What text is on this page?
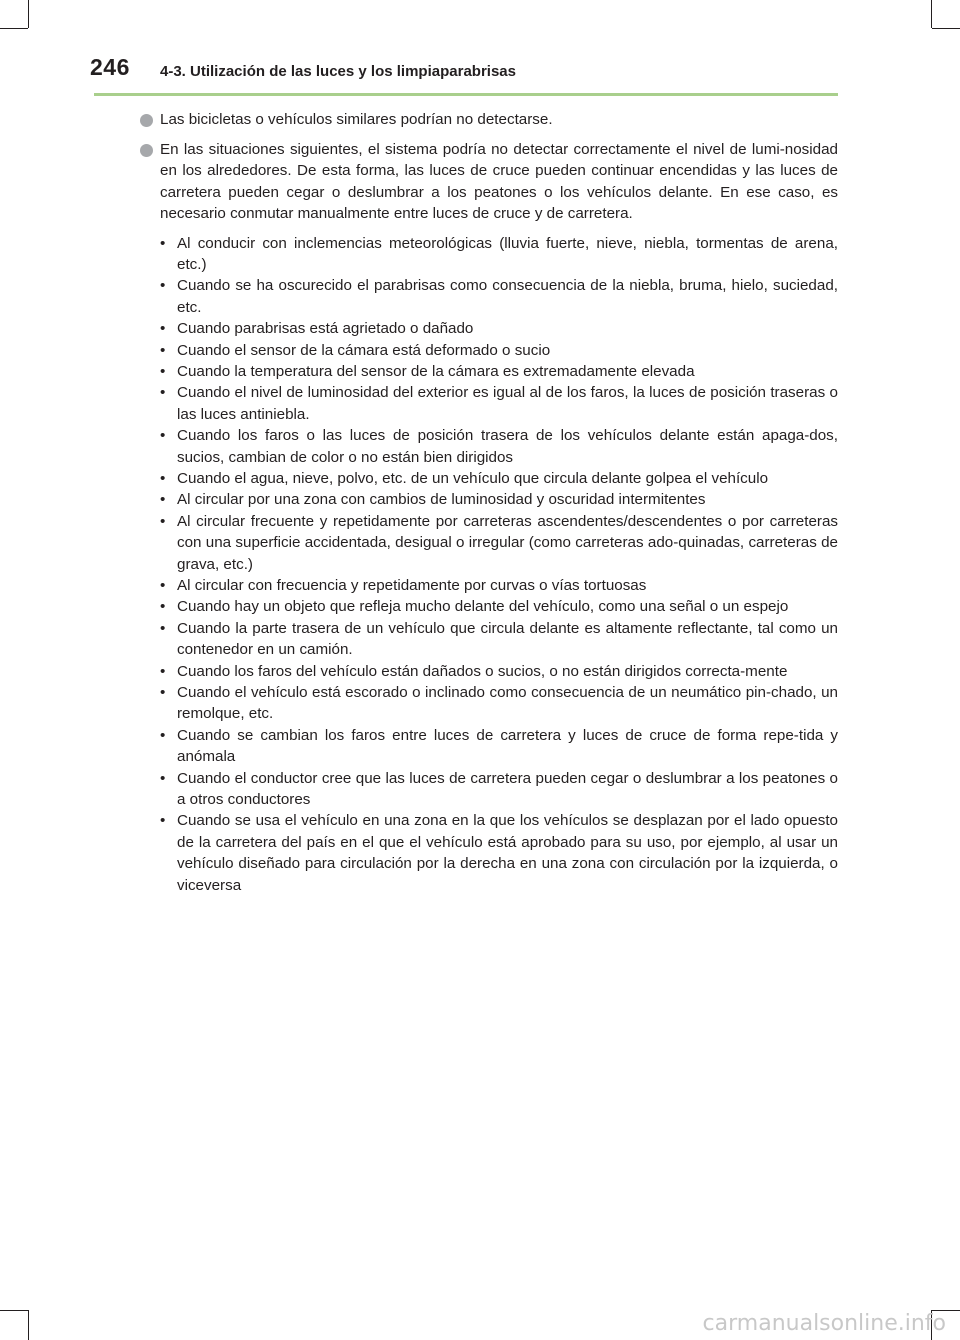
246 4-3. Utilización de las luces y los limpiaparabrisas
Las bicicletas o vehículos similares podrían no detectarse.
En las situaciones siguientes, el sistema podría no detectar correctamente el nivel de lumi-nosidad en los alrededores. De esta forma, las luces de cruce pueden continuar encendidas y las luces de carretera pueden cegar o deslumbrar a los peatones o los vehículos delante. En ese caso, es necesario conmutar manualmente entre luces de cruce y de carretera.
• Al conducir con inclemencias meteorológicas (lluvia fuerte, nieve, niebla, tormentas de arena, etc.)
• Cuando se ha oscurecido el parabrisas como consecuencia de la niebla, bruma, hielo, suciedad, etc.
• Cuando parabrisas está agrietado o dañado
• Cuando el sensor de la cámara está deformado o sucio
• Cuando la temperatura del sensor de la cámara es extremadamente elevada
• Cuando el nivel de luminosidad del exterior es igual al de los faros, la luces de posición traseras o las luces antiniebla.
• Cuando los faros o las luces de posición trasera de los vehículos delante están apaga-dos, sucios, cambian de color o no están bien dirigidos
• Cuando el agua, nieve, polvo, etc. de un vehículo que circula delante golpea el vehículo
• Al circular por una zona con cambios de luminosidad y oscuridad intermitentes
• Al circular frecuente y repetidamente por carreteras ascendentes/descendentes o por carreteras con una superficie accidentada, desigual o irregular (como carreteras ado-quinadas, carreteras de grava, etc.)
• Al circular con frecuencia y repetidamente por curvas o vías tortuosas
• Cuando hay un objeto que refleja mucho delante del vehículo, como una señal o un espejo
• Cuando la parte trasera de un vehículo que circula delante es altamente reflectante, tal como un contenedor en un camión.
• Cuando los faros del vehículo están dañados o sucios, o no están dirigidos correcta-mente
• Cuando el vehículo está escorado o inclinado como consecuencia de un neumático pin-chado, un remolque, etc.
• Cuando se cambian los faros entre luces de carretera y luces de cruce de forma repe-tida y anómala
• Cuando el conductor cree que las luces de carretera pueden cegar o deslumbrar a los peatones o a otros conductores
• Cuando se usa el vehículo en una zona en la que los vehículos se desplazan por el lado opuesto de la carretera del país en el que el vehículo está aprobado para su uso, por ejemplo, al usar un vehículo diseñado para circulación por la derecha en una zona con circulación por la izquierda, o viceversa
carmanualsonline.info
